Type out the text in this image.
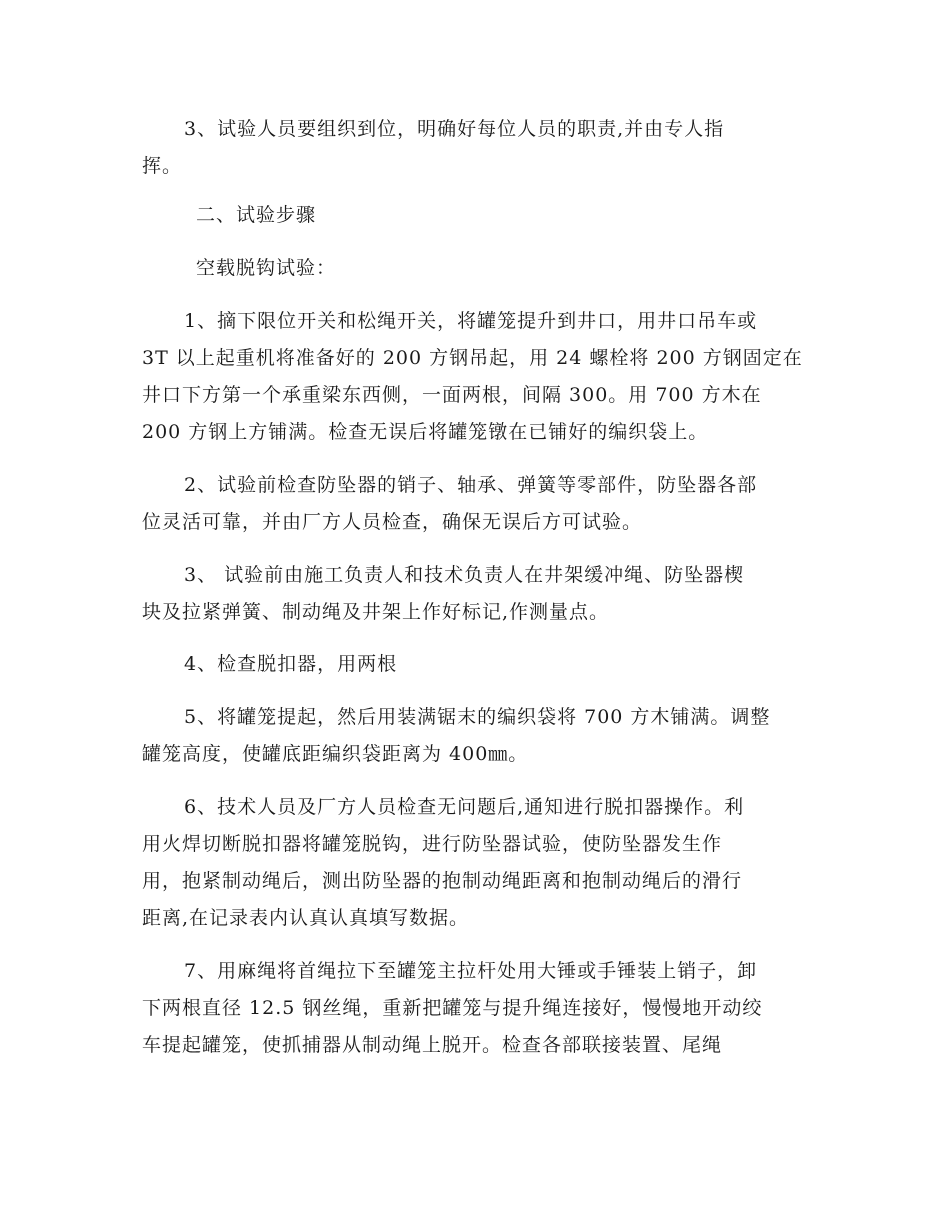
3、试验人员要组织到位，明确好每位人员的职责,并由专人指
挥。

二、试验步骤

空载脱钩试验：

1、摘下限位开关和松绳开关，将罐笼提升到井口，用井口吊车或
3T 以上起重机将准备好的 200 方钢吊起，用 24 螺栓将 200 方钢固定在
井口下方第一个承重梁东西侧，一面两根，间隔 300。用 700 方木在
200 方钢上方铺满。检查无误后将罐笼镦在已铺好的编织袋上。

2、试验前检查防坠器的销子、轴承、弹簧等零部件，防坠器各部
位灵活可靠，并由厂方人员检查，确保无误后方可试验。

3、 试验前由施工负责人和技术负责人在井架缓冲绳、防坠器楔
块及拉紧弹簧、制动绳及井架上作好标记,作测量点。

4、检查脱扣器，用两根

5、将罐笼提起，然后用装满锯末的编织袋将 700 方木铺满。调整
罐笼高度，使罐底距编织袋距离为 400㎜。

6、技术人员及厂方人员检查无问题后,通知进行脱扣器操作。利
用火焊切断脱扣器将罐笼脱钩，进行防坠器试验，使防坠器发生作
用，抱紧制动绳后，测出防坠器的抱制动绳距离和抱制动绳后的滑行
距离,在记录表内认真认真填写数据。

7、用麻绳将首绳拉下至罐笼主拉杆处用大锤或手锤装上销子，卸
下两根直径 12.5 钢丝绳，重新把罐笼与提升绳连接好，慢慢地开动绞
车提起罐笼，使抓捕器从制动绳上脱开。检查各部联接装置、尾绳
